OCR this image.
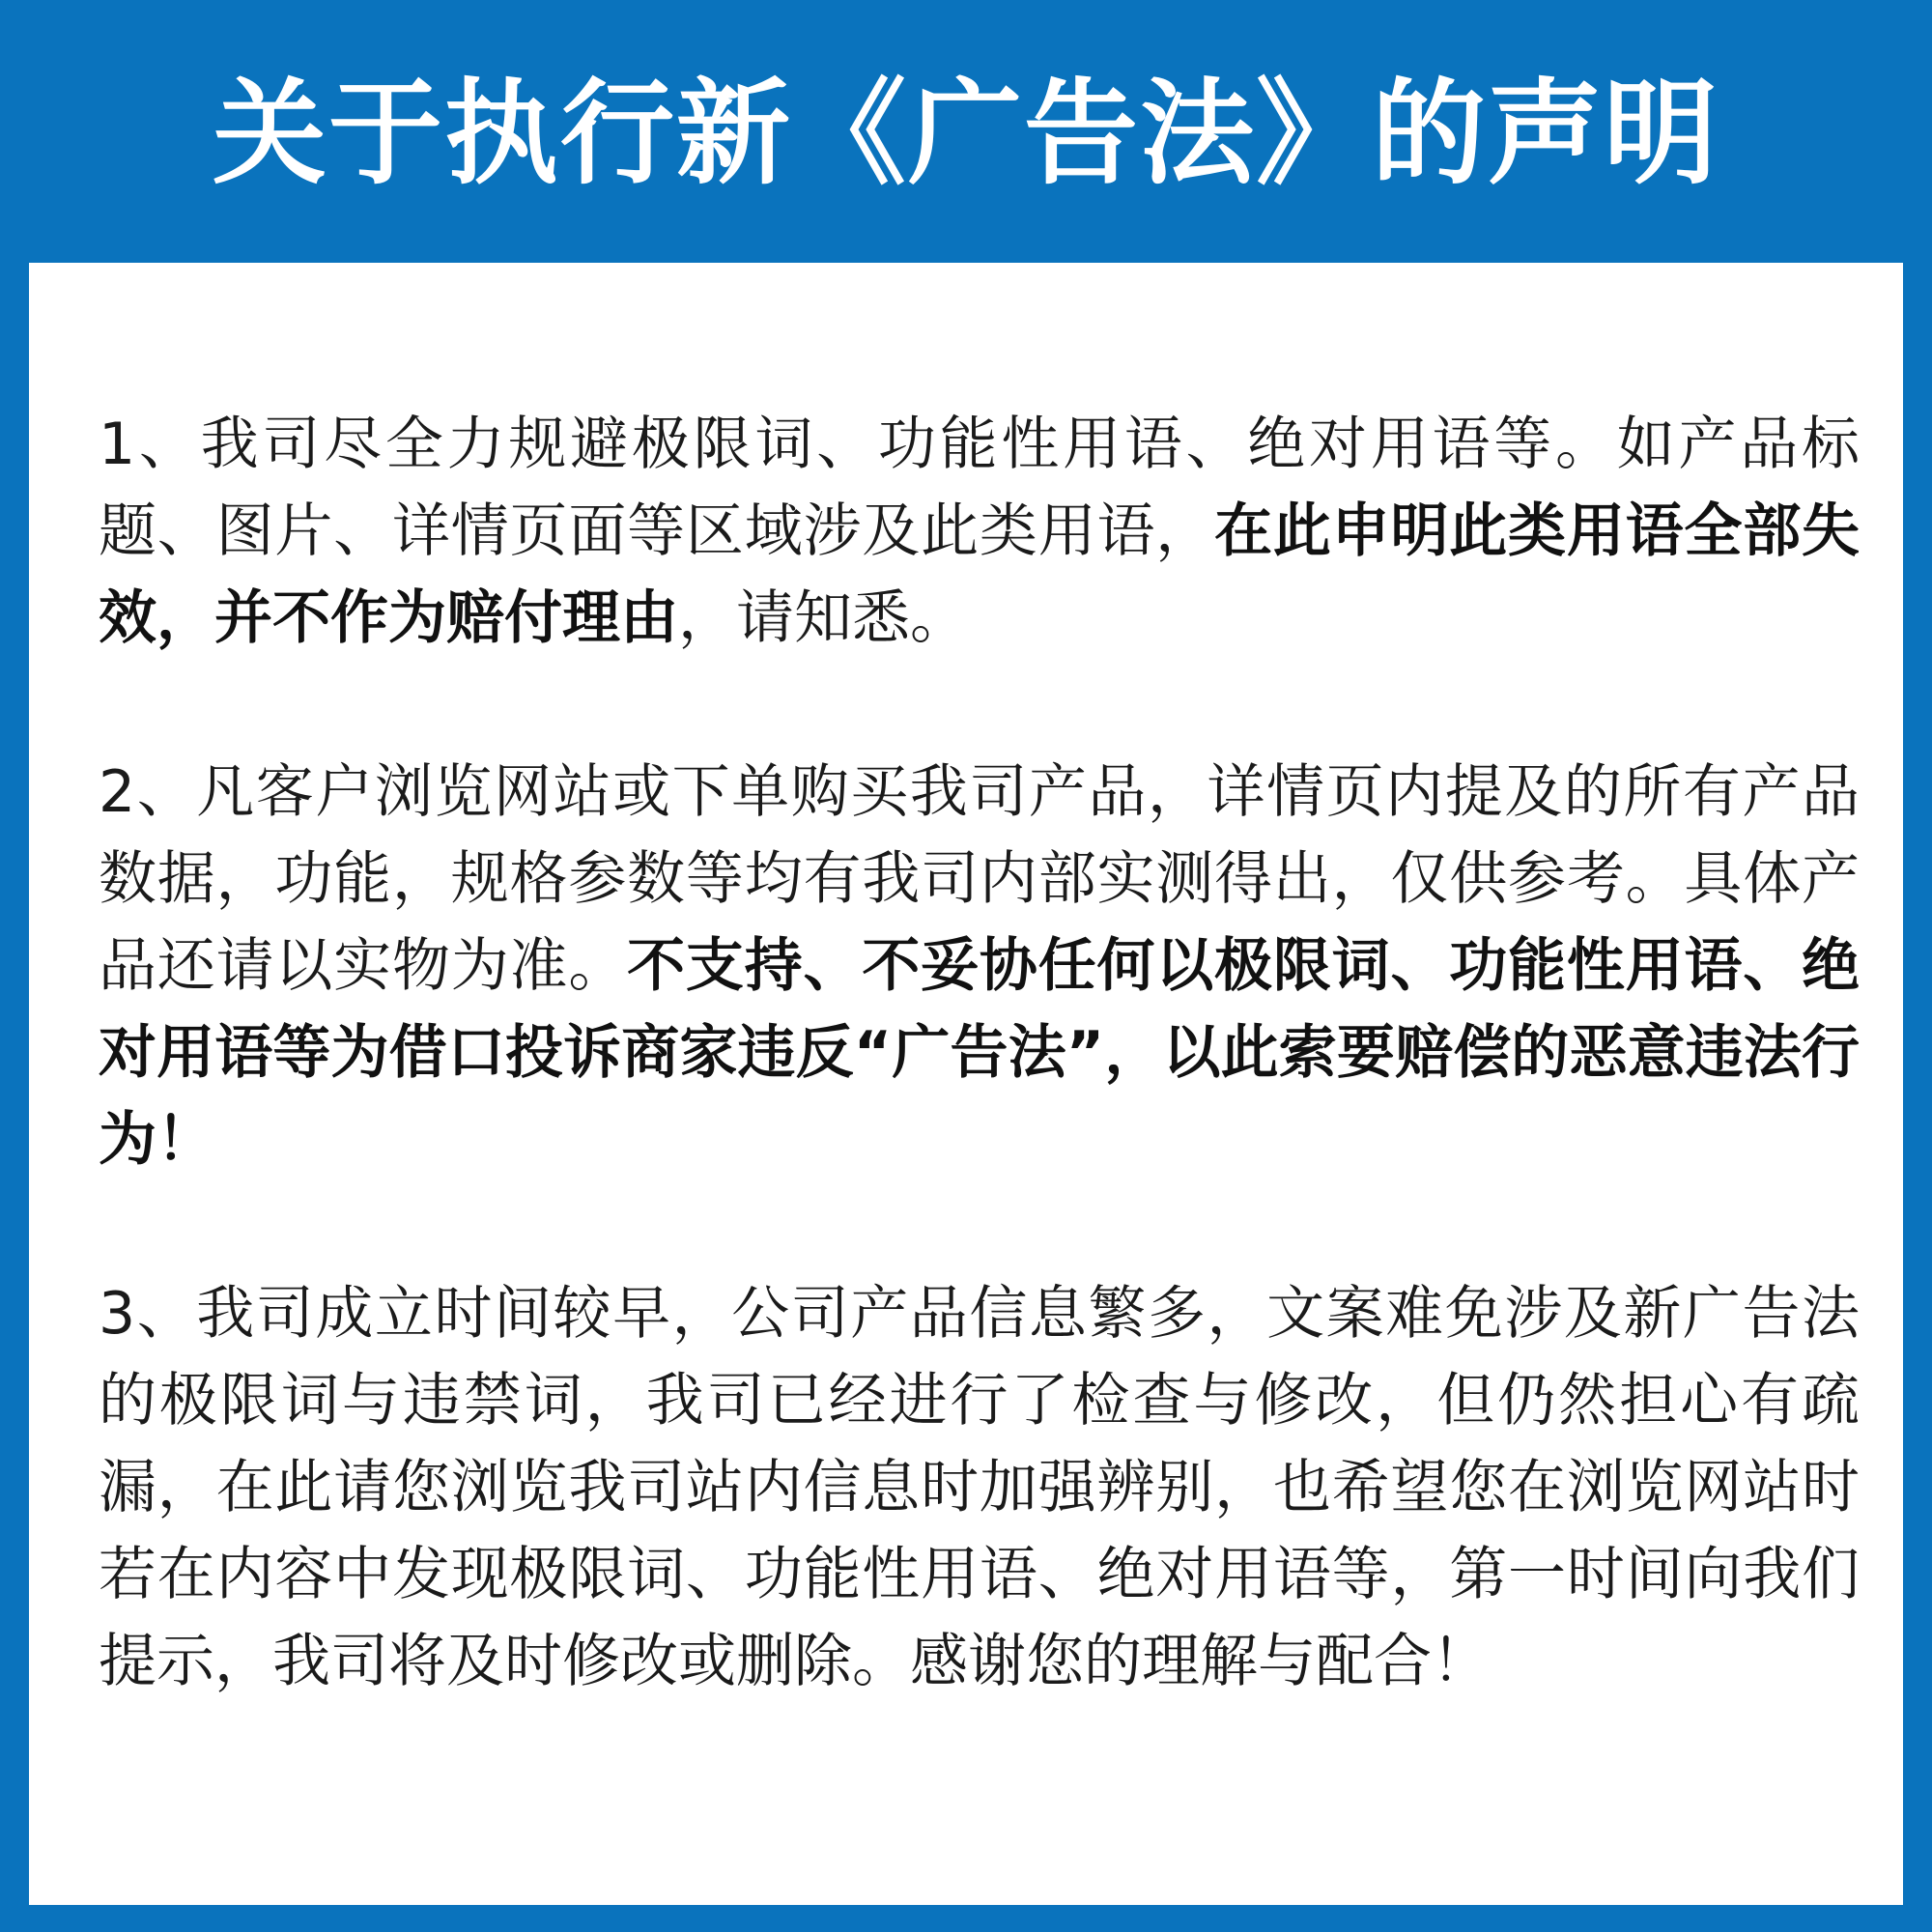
关于执行新《广告法》的声明

1、我司尽全力规避极限词、功能性用语、绝对用语等。如产品标题、图片、详情页面等区域涉及此类用语，在此申明此类用语全部失效，并不作为赔付理由，请知悉。

2、凡客户浏览网站或下单购买我司产品，详情页内提及的所有产品数据，功能，规格参数等均有我司内部实测得出，仅供参考。具体产品还请以实物为准。不支持、不妥协任何以极限词、功能性用语、绝对用语等为借口投诉商家违反“广告法”，以此索要赔偿的恶意违法行为！

3、我司成立时间较早，公司产品信息繁多，文案难免涉及新广告法的极限词与违禁词，我司已经进行了检查与修改，但仍然担心有疏漏，在此请您浏览我司站内信息时加强辨别，也希望您在浏览网站时若在内容中发现极限词、功能性用语、绝对用语等，第一时间向我们提示，我司将及时修改或删除。感谢您的理解与配合！
